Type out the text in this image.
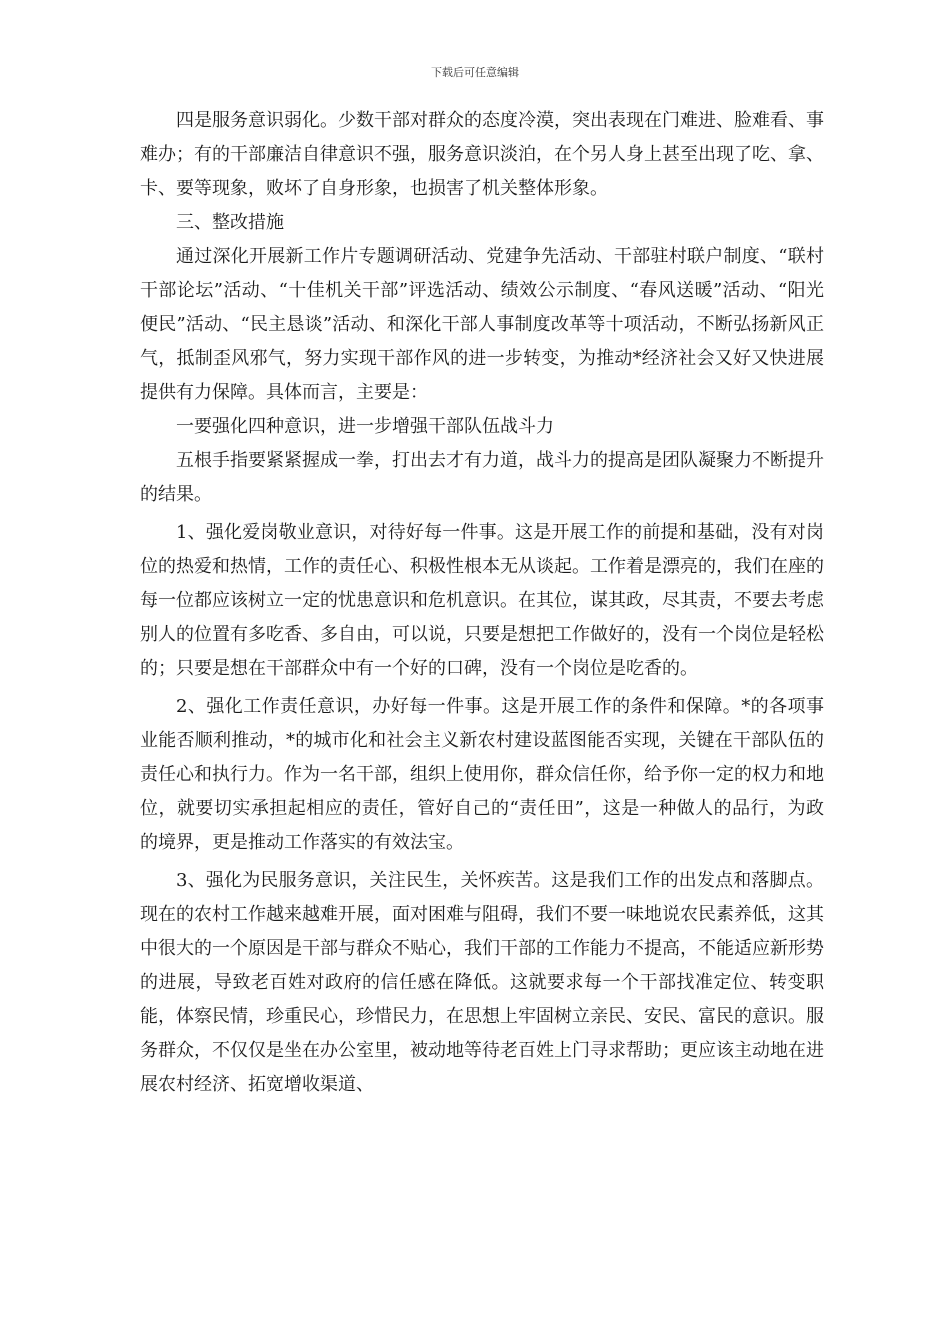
下载后可任意编辑

四是服务意识弱化。少数干部对群众的态度冷漠，突出表现在门难进、脸难看、事难办；有的干部廉洁自律意识不强，服务意识淡泊，在个另人身上甚至出现了吃、拿、卡、要等现象，败坏了自身形象，也损害了机关整体形象。

三、整改措施

通过深化开展新工作片专题调研活动、党建争先活动、干部驻村联户制度、“联村干部论坛”活动、“十佳机关干部”评选活动、绩效公示制度、“春风送暖”活动、“阳光便民”活动、“民主恳谈”活动、和深化干部人事制度改革等十项活动，不断弘扬新风正气，抵制歪风邪气，努力实现干部作风的进一步转变，为推动*经济社会又好又快进展提供有力保障。具体而言，主要是：

一要强化四种意识，进一步增强干部队伍战斗力

五根手指要紧紧握成一拳，打出去才有力道，战斗力的提高是团队凝聚力不断提升的结果。

1、强化爱岗敬业意识，对待好每一件事。这是开展工作的前提和基础，没有对岗位的热爱和热情，工作的责任心、积极性根本无从谈起。工作着是漂亮的，我们在座的每一位都应该树立一定的忧患意识和危机意识。在其位，谋其政，尽其责，不要去考虑别人的位置有多吃香、多自由，可以说，只要是想把工作做好的，没有一个岗位是轻松的；只要是想在干部群众中有一个好的口碑，没有一个岗位是吃香的。

2、强化工作责任意识，办好每一件事。这是开展工作的条件和保障。*的各项事业能否顺利推动，*的城市化和社会主义新农村建设蓝图能否实现，关键在干部队伍的责任心和执行力。作为一名干部，组织上使用你，群众信任你，给予你一定的权力和地位，就要切实承担起相应的责任，管好自己的“责任田”，这是一种做人的品行，为政的境界，更是推动工作落实的有效法宝。

3、强化为民服务意识，关注民生，关怀疾苦。这是我们工作的出发点和落脚点。现在的农村工作越来越难开展，面对困难与阻碍，我们不要一味地说农民素养低，这其中很大的一个原因是干部与群众不贴心，我们干部的工作能力不提高，不能适应新形势的进展，导致老百姓对政府的信任感在降低。这就要求每一个干部找准定位、转变职能，体察民情，珍重民心，珍惜民力，在思想上牢固树立亲民、安民、富民的意识。服务群众，不仅仅是坐在办公室里，被动地等待老百姓上门寻求帮助；更应该主动地在进展农村经济、拓宽增收渠道、
